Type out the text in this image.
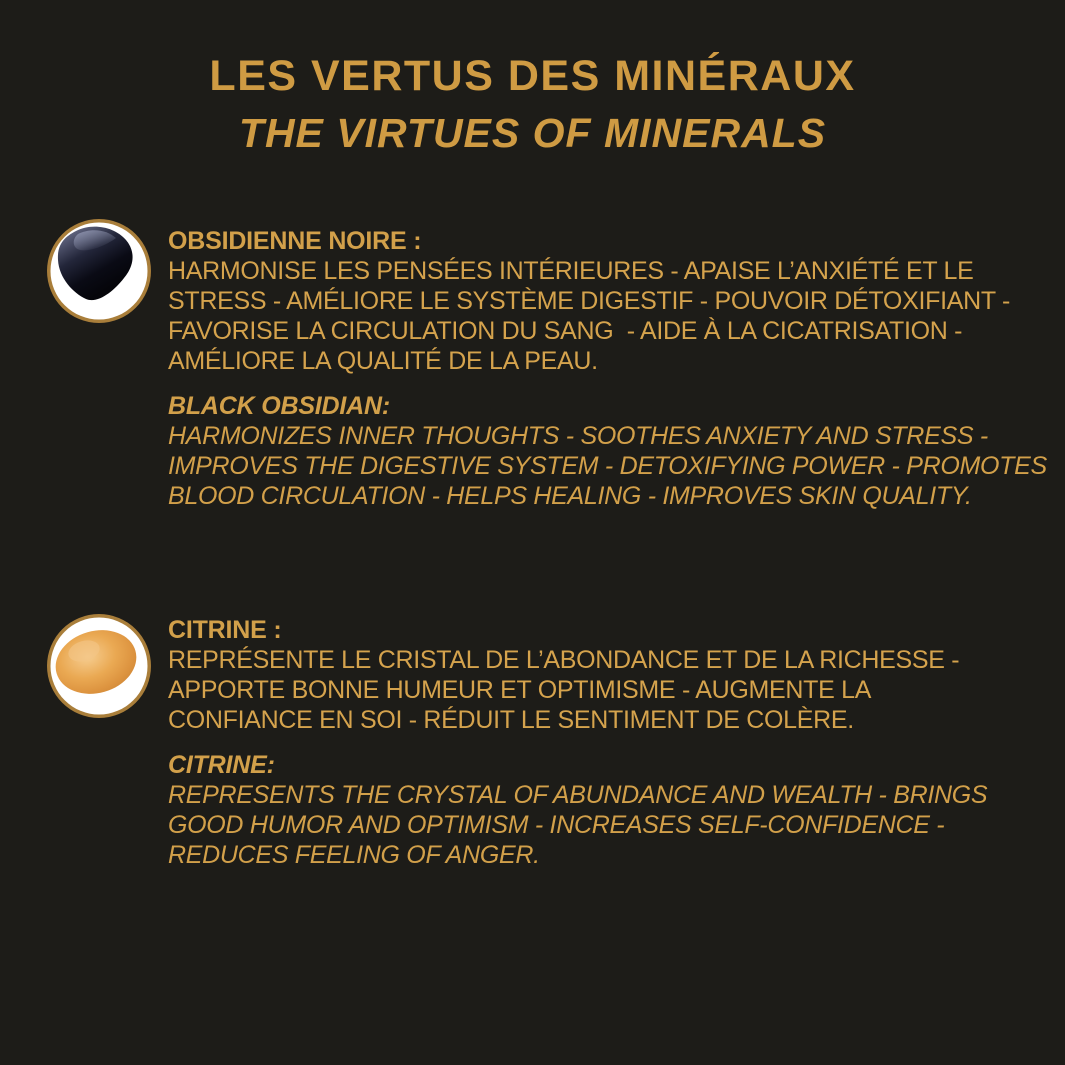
LES VERTUS DES MINÉRAUX
THE VIRTUES OF MINERALS
OBSIDIENNE NOIRE :
HARMONISE LES PENSÉES INTÉRIEURES - APAISE L’ANXIÉTÉ ET LE
STRESS - AMÉLIORE LE SYSTÈME DIGESTIF - POUVOIR DÉTOXIFIANT -
FAVORISE LA CIRCULATION DU SANG  - AIDE À LA CICATRISATION -
AMÉLIORE LA QUALITÉ DE LA PEAU.
BLACK OBSIDIAN:
HARMONIZES INNER THOUGHTS - SOOTHES ANXIETY AND STRESS -
IMPROVES THE DIGESTIVE SYSTEM - DETOXIFYING POWER - PROMOTES
BLOOD CIRCULATION - HELPS HEALING - IMPROVES SKIN QUALITY.
CITRINE :
REPRÉSENTE LE CRISTAL DE L’ABONDANCE ET DE LA RICHESSE -
APPORTE BONNE HUMEUR ET OPTIMISME - AUGMENTE LA
CONFIANCE EN SOI - RÉDUIT LE SENTIMENT DE COLÈRE.
CITRINE:
REPRESENTS THE CRYSTAL OF ABUNDANCE AND WEALTH - BRINGS
GOOD HUMOR AND OPTIMISM - INCREASES SELF-CONFIDENCE -
REDUCES FEELING OF ANGER.
